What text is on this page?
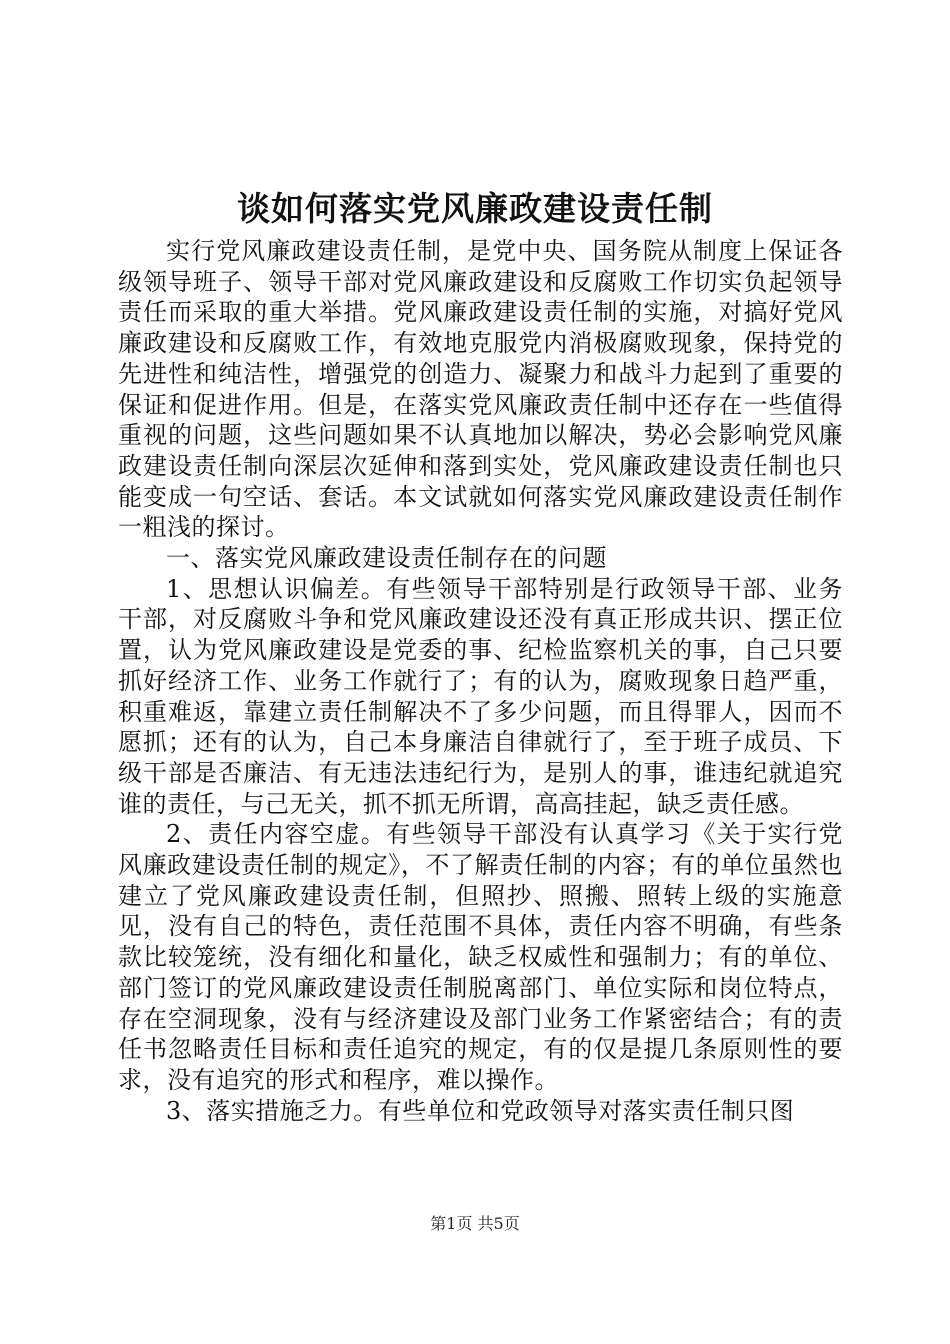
谈如何落实党风廉政建设责任制

实行党风廉政建设责任制，是党中央、国务院从制度上保证各级领导班子、领导干部对党风廉政建设和反腐败工作切实负起领导责任而采取的重大举措。党风廉政建设责任制的实施，对搞好党风廉政建设和反腐败工作，有效地克服党内消极腐败现象，保持党的先进性和纯洁性，增强党的创造力、凝聚力和战斗力起到了重要的保证和促进作用。但是，在落实党风廉政责任制中还存在一些值得重视的问题，这些问题如果不认真地加以解决，势必会影响党风廉政建设责任制向深层次延伸和落到实处，党风廉政建设责任制也只能变成一句空话、套话。本文试就如何落实党风廉政建设责任制作一粗浅的探讨。

一、落实党风廉政建设责任制存在的问题

1、思想认识偏差。有些领导干部特别是行政领导干部、业务干部，对反腐败斗争和党风廉政建设还没有真正形成共识、摆正位置，认为党风廉政建设是党委的事、纪检监察机关的事，自己只要抓好经济工作、业务工作就行了；有的认为，腐败现象日趋严重，积重难返，靠建立责任制解决不了多少问题，而且得罪人，因而不愿抓；还有的认为，自己本身廉洁自律就行了，至于班子成员、下级干部是否廉洁、有无违法违纪行为，是别人的事，谁违纪就追究谁的责任，与己无关，抓不抓无所谓，高高挂起，缺乏责任感。

2、责任内容空虚。有些领导干部没有认真学习《关于实行党风廉政建设责任制的规定》，不了解责任制的内容；有的单位虽然也建立了党风廉政建设责任制，但照抄、照搬、照转上级的实施意见，没有自己的特色，责任范围不具体，责任内容不明确，有些条款比较笼统，没有细化和量化，缺乏权威性和强制力；有的单位、部门签订的党风廉政建设责任制脱离部门、单位实际和岗位特点，存在空洞现象，没有与经济建设及部门业务工作紧密结合；有的责任书忽略责任目标和责任追究的规定，有的仅是提几条原则性的要求，没有追究的形式和程序，难以操作。

3、落实措施乏力。有些单位和党政领导对落实责任制只图

第1页 共5页
